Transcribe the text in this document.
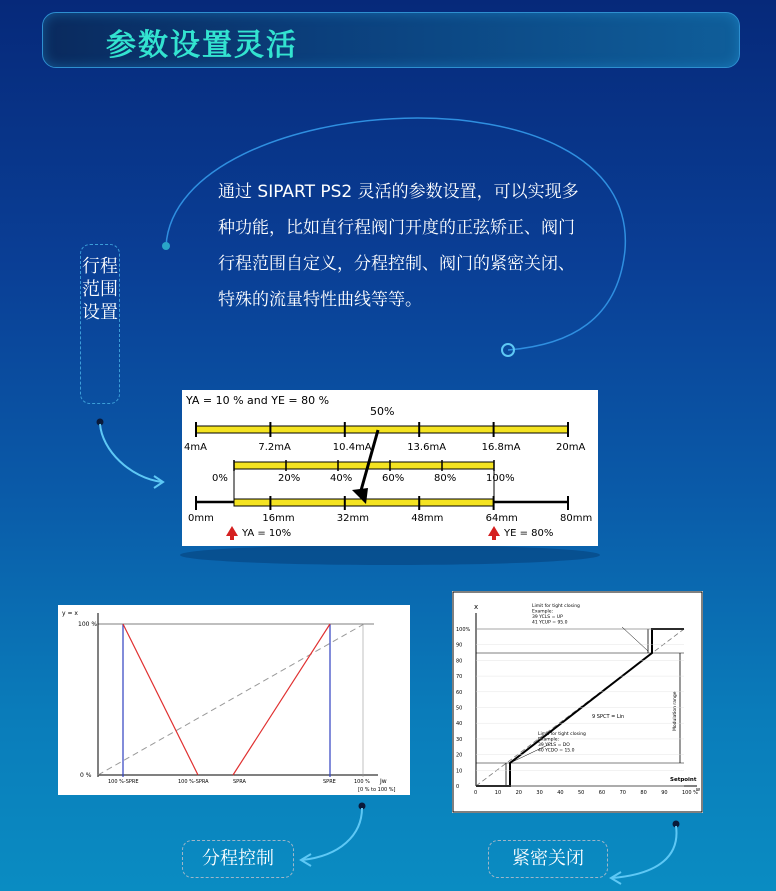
参数设置灵活
通过 SIPART PS2 灵活的参数设置，可以实现多种功能，比如直行程阀门开度的正弦矫正、阀门行程范围自定义，分程控制、阀门的紧密关闭、特殊的流量特性曲线等等。
行程范围设置
YA = 10 % and YE = 80 %
50%
4mA	7.2mA	10.4mA	13.6mA	16.8mA	20mA
0%	20%	40%	60%	80%	100%
0mm	16mm	32mm	48mm	64mm	80mm
YA = 10%	YE = 80%
y = x
100 %
0 %
100 %-SPRE	100 %-SPRA	SPRA	SPRE	100 % Jw
[0 % to 100 %]
x
100%
90
80
70
60
50
40
30
20
10
0
0	10	20	30	40	50	60	70	80	90	100 %
Limit for tight closing
Example:
39 YCLS = UP
41 YCUP = 95.0
Limit for tight closing
Example:
39 YCLS = DO
40 YCDO = 15.0
9 SPCT = Lin	Modulation range
Setpoint
w
分程控制	紧密关闭
